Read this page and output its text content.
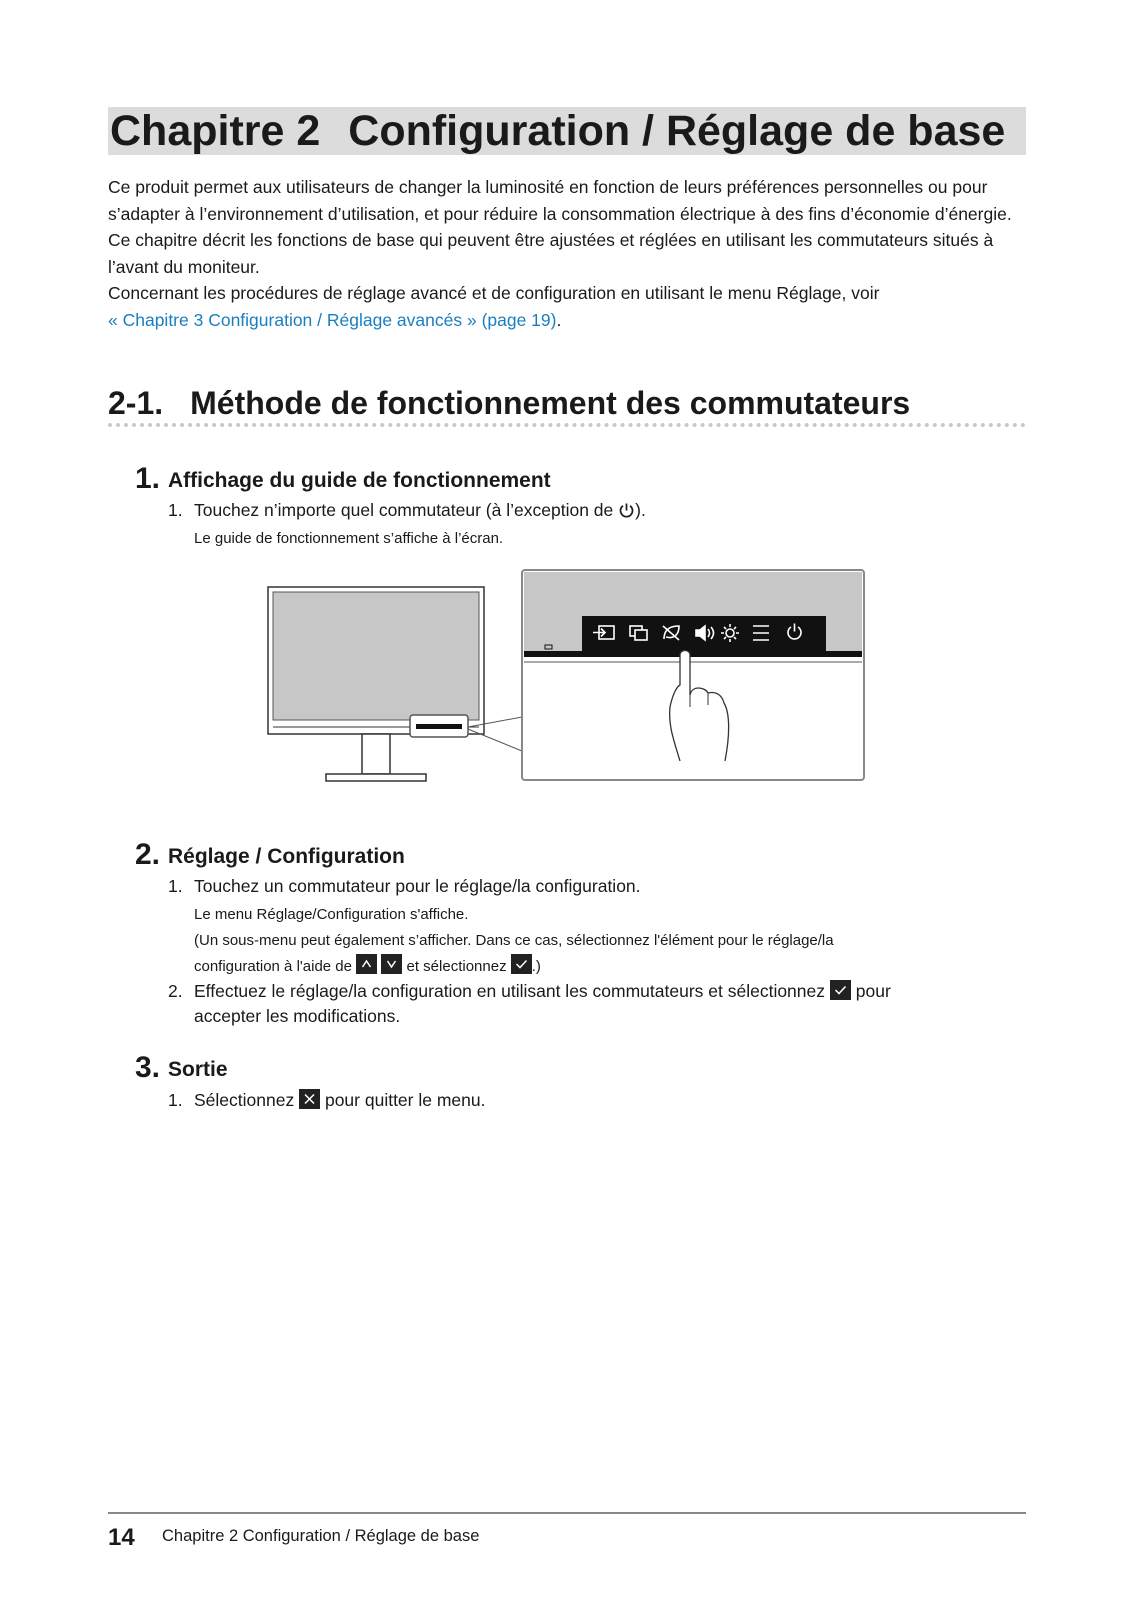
Chapitre 2 Configuration / Réglage de base

Ce produit permet aux utilisateurs de changer la luminosité en fonction de leurs préférences personnelles ou pour s’adapter à l’environnement d’utilisation, et pour réduire la consommation électrique à des fins d’économie d’énergie.

Ce chapitre décrit les fonctions de base qui peuvent être ajustées et réglées en utilisant les commutateurs situés à l’avant du moniteur.

Concernant les procédures de réglage avancé et de configuration en utilisant le menu Réglage, voir
« Chapitre 3 Configuration / Réglage avancés » (page 19).

2-1. Méthode de fonctionnement des commutateurs
1. Affichage du guide de fonctionnement
1. Touchez n’importe quel commutateur (à l’exception de ).
Le guide de fonctionnement s’affiche à l’écran.
2. Réglage / Configuration
1. Touchez un commutateur pour le réglage/la configuration.
Le menu Réglage/Configuration s'affiche.
(Un sous-menu peut également s’afficher. Dans ce cas, sélectionnez l'élément pour le réglage/la
configuration à l'aide de
	et sélectionnez .)
2. Effectuez le réglage/la configuration en utilisant les commutateurs et sélectionnez pour
accepter les modifications.
3. Sortie
1. Sélectionnez pour quitter le menu.
14 Chapitre 2 Configuration / Réglage de base
